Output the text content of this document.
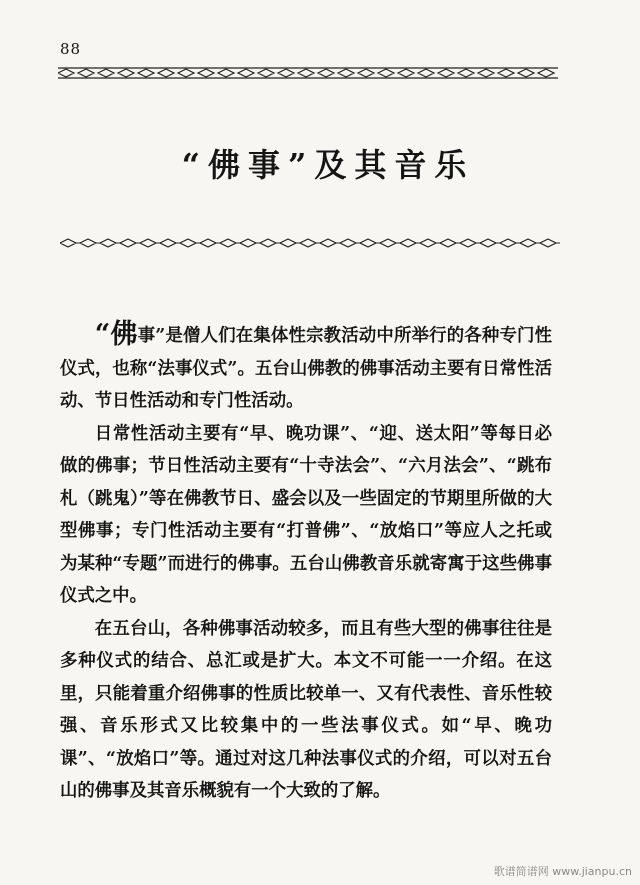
88
“佛事”及其音乐

“佛事”是僧人们在集体性宗教活动中所举行的各种专门性仪式，也称“法事仪式”。五台山佛教的佛事活动主要有日常性活动、节日性活动和专门性活动。

日常性活动主要有“早、晚功课”、“迎、送太阳”等每日必做的佛事；节日性活动主要有“十寺法会”、“六月法会”、“跳布札（跳鬼）”等在佛教节日、盛会以及一些固定的节期里所做的大型佛事；专门性活动主要有“打普佛”、“放焰口”等应人之托或为某种“专题”而进行的佛事。五台山佛教音乐就寄寓于这些佛事仪式之中。

在五台山，各种佛事活动较多，而且有些大型的佛事往往是多种仪式的结合、总汇或是扩大。本文不可能一一介绍。在这里，只能着重介绍佛事的性质比较单一、又有代表性、音乐性较强、音乐形式又比较集中的一些法事仪式。如“早、晚功课”、“放焰口”等。通过对这几种法事仪式的介绍，可以对五台山的佛事及其音乐概貌有一个大致的了解。

歌谱简谱网 www.jianpu.cn
